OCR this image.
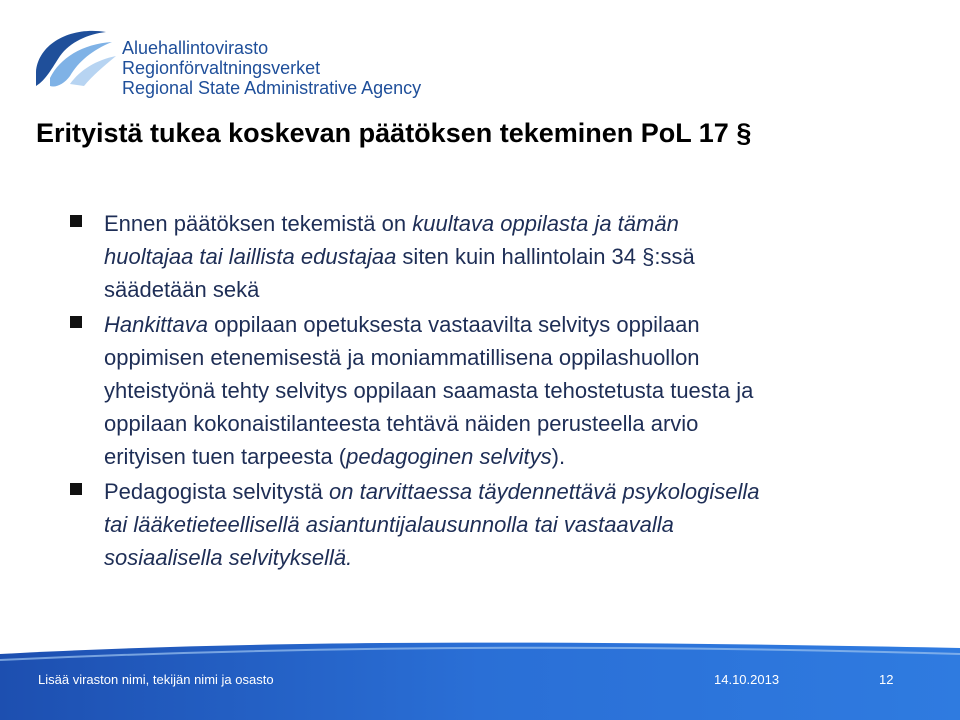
Aluehallintovirasto
Regionförvaltningsverket
Regional State Administrative Agency
Erityistä tukea koskevan päätöksen tekeminen PoL 17 §
Ennen päätöksen tekemistä on kuultava oppilasta ja tämän
huoltajaa tai laillista edustajaa siten kuin hallintolain 34 §:ssä
säädetään sekä
Hankittava oppilaan opetuksesta vastaavilta selvitys oppilaan
oppimisen etenemisestä ja moniammatillisena oppilashuollon
yhteistyönä tehty selvitys oppilaan saamasta tehostetusta tuesta ja
oppilaan kokonaistilanteesta tehtävä näiden perusteella arvio
erityisen tuen tarpeesta (pedagoginen selvitys).
Pedagogista selvitystä on tarvittaessa täydennettävä psykologisella
tai lääketieteellisellä asiantuntijalausunnolla tai vastaavalla
sosiaalisella selvityksellä.
Lisää viraston nimi, tekijän nimi ja osasto	14.10.2013	12
